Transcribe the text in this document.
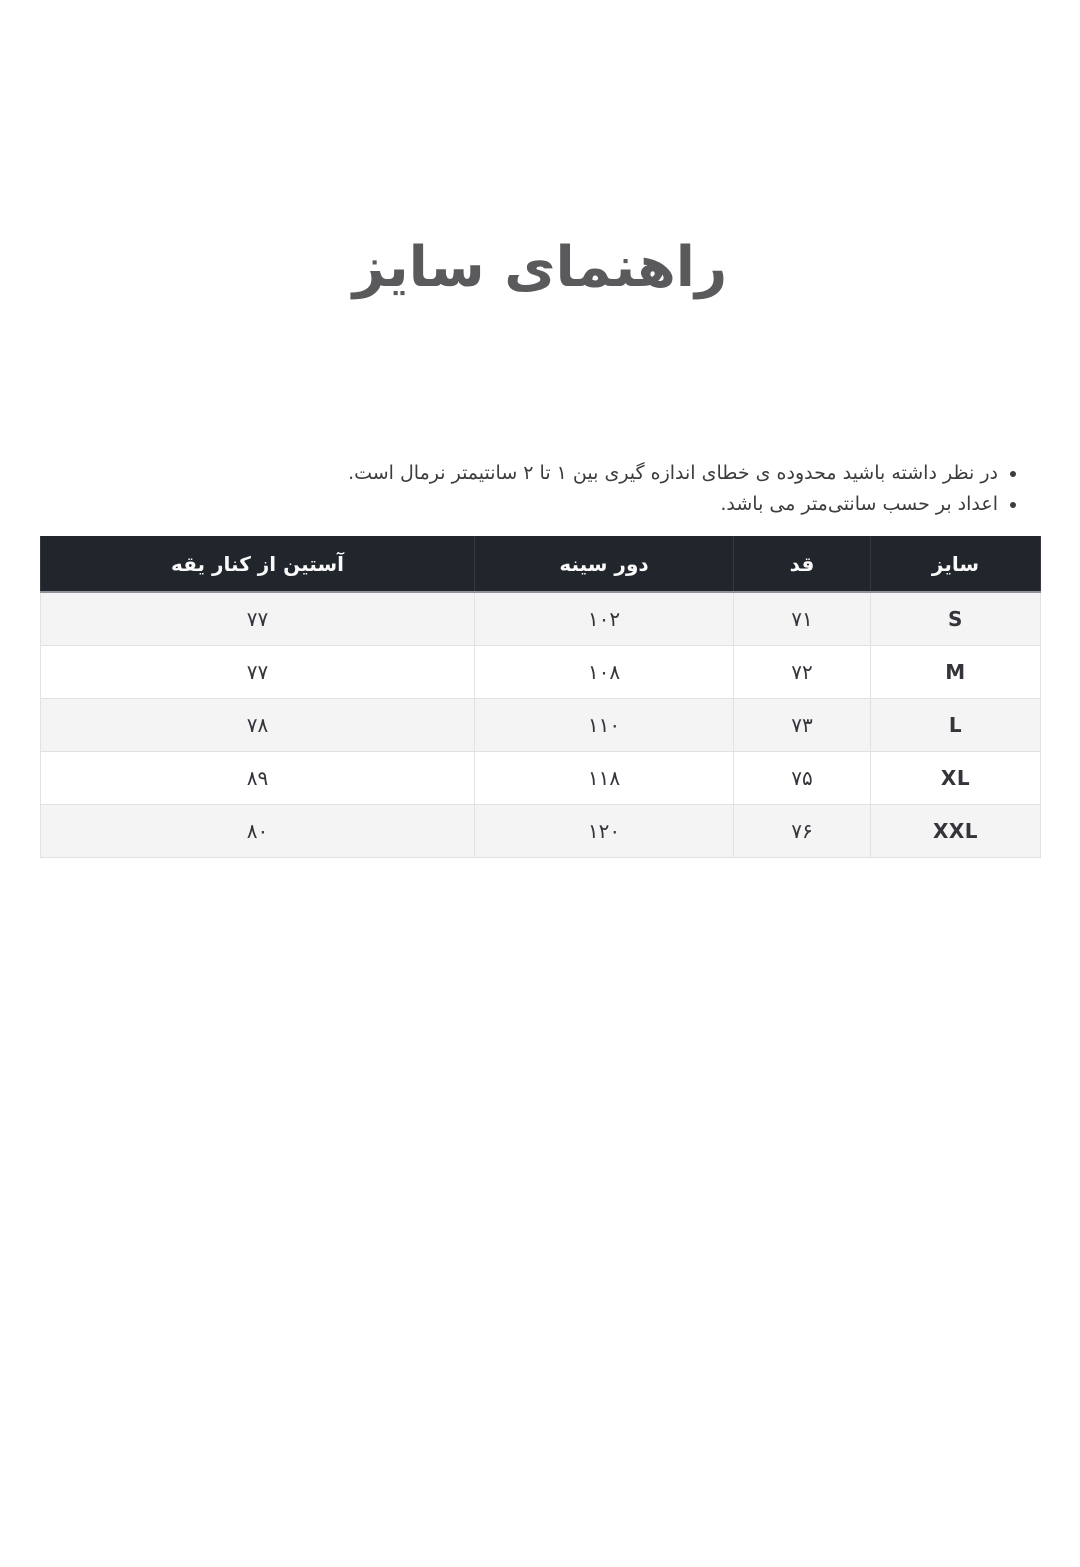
راهنمای سایز
• در نظر داشته باشید محدوده ی خطای اندازه گیری بین ۱ تا ۲ سانتیمتر نرمال است.
• اعداد بر حسب سانتی‌متر می باشد.
سایز	قد	دور سینه	آستین از کنار یقه
S	۷۱	۱۰۲	۷۷
M	۷۲	۱۰۸	۷۷
L	۷۳	۱۱۰	۷۸
XL	۷۵	۱۱۸	۸۹
XXL	۷۶	۱۲۰	۸۰
